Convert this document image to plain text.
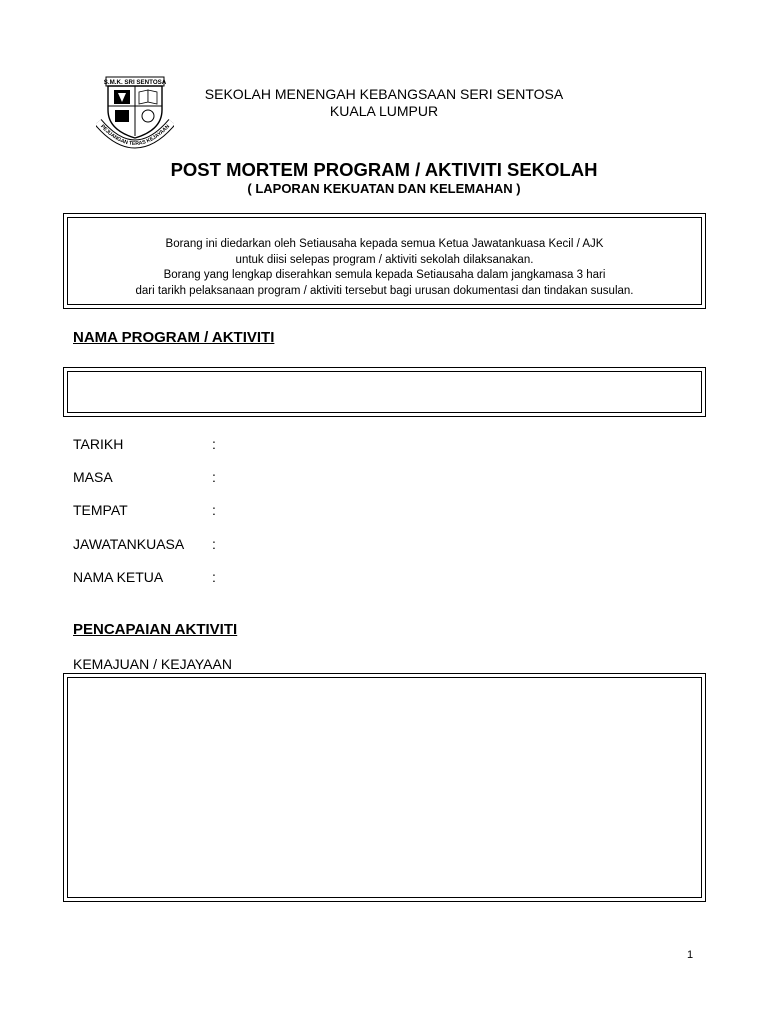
S.M.K. SRI SENTOSA
PEJUANGAN TERAS KEJAYAAN
SEKOLAH MENENGAH KEBANGSAAN SERI SENTOSA
KUALA LUMPUR
POST MORTEM PROGRAM / AKTIVITI SEKOLAH
( LAPORAN KEKUATAN DAN KELEMAHAN )
Borang ini diedarkan oleh Setiausaha kepada semua Ketua Jawatankuasa Kecil / AJK
untuk diisi selepas program / aktiviti sekolah dilaksanakan.
Borang yang lengkap diserahkan semula kepada Setiausaha dalam jangkamasa 3 hari
dari tarikh pelaksanaan program / aktiviti tersebut bagi urusan dokumentasi dan tindakan susulan.
NAMA PROGRAM / AKTIVITI
TARIKH	:
MASA	:
TEMPAT	:
JAWATANKUASA :
NAMA KETUA	:
PENCAPAIAN AKTIVITI
KEMAJUAN / KEJAYAAN
1
